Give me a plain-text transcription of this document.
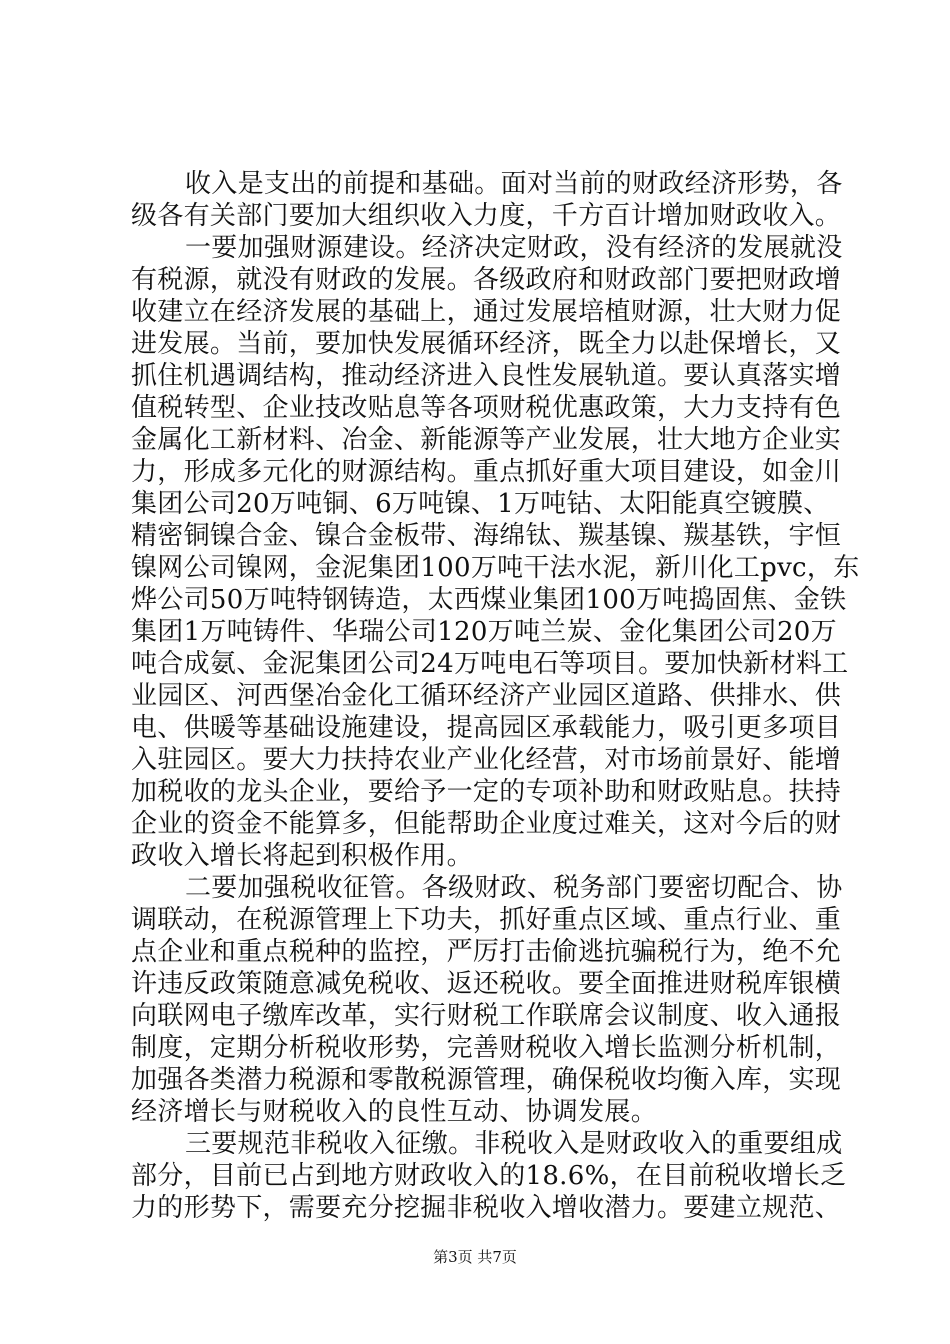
收入是支出的前提和基础。面对当前的财政经济形势，各
级各有关部门要加大组织收入力度，千方百计增加财政收入。
一要加强财源建设。经济决定财政，没有经济的发展就没
有税源，就没有财政的发展。各级政府和财政部门要把财政增
收建立在经济发展的基础上，通过发展培植财源，壮大财力促
进发展。当前，要加快发展循环经济，既全力以赴保增长，又
抓住机遇调结构，推动经济进入良性发展轨道。要认真落实增
值税转型、企业技改贴息等各项财税优惠政策，大力支持有色
金属化工新材料、冶金、新能源等产业发展，壮大地方企业实
力，形成多元化的财源结构。重点抓好重大项目建设，如金川
集团公司20万吨铜、6万吨镍、1万吨钴、太阳能真空镀膜、
精密铜镍合金、镍合金板带、海绵钛、羰基镍、羰基铁，宇恒
镍网公司镍网，金泥集团100万吨干法水泥，新川化工pvc，东
烨公司50万吨特钢铸造，太西煤业集团100万吨捣固焦、金铁
集团1万吨铸件、华瑞公司120万吨兰炭、金化集团公司20万
吨合成氨、金泥集团公司24万吨电石等项目。要加快新材料工
业园区、河西堡冶金化工循环经济产业园区道路、供排水、供
电、供暖等基础设施建设，提高园区承载能力，吸引更多项目
入驻园区。要大力扶持农业产业化经营，对市场前景好、能增
加税收的龙头企业，要给予一定的专项补助和财政贴息。扶持
企业的资金不能算多，但能帮助企业度过难关，这对今后的财
政收入增长将起到积极作用。
二要加强税收征管。各级财政、税务部门要密切配合、协
调联动，在税源管理上下功夫，抓好重点区域、重点行业、重
点企业和重点税种的监控，严厉打击偷逃抗骗税行为，绝不允
许违反政策随意减免税收、返还税收。要全面推进财税库银横
向联网电子缴库改革，实行财税工作联席会议制度、收入通报
制度，定期分析税收形势，完善财税收入增长监测分析机制，
加强各类潜力税源和零散税源管理，确保税收均衡入库，实现
经济增长与财税收入的良性互动、协调发展。
三要规范非税收入征缴。非税收入是财政收入的重要组成
部分，目前已占到地方财政收入的18.6%，在目前税收增长乏
力的形势下，需要充分挖掘非税收入增收潜力。要建立规范、
第3页 共7页
